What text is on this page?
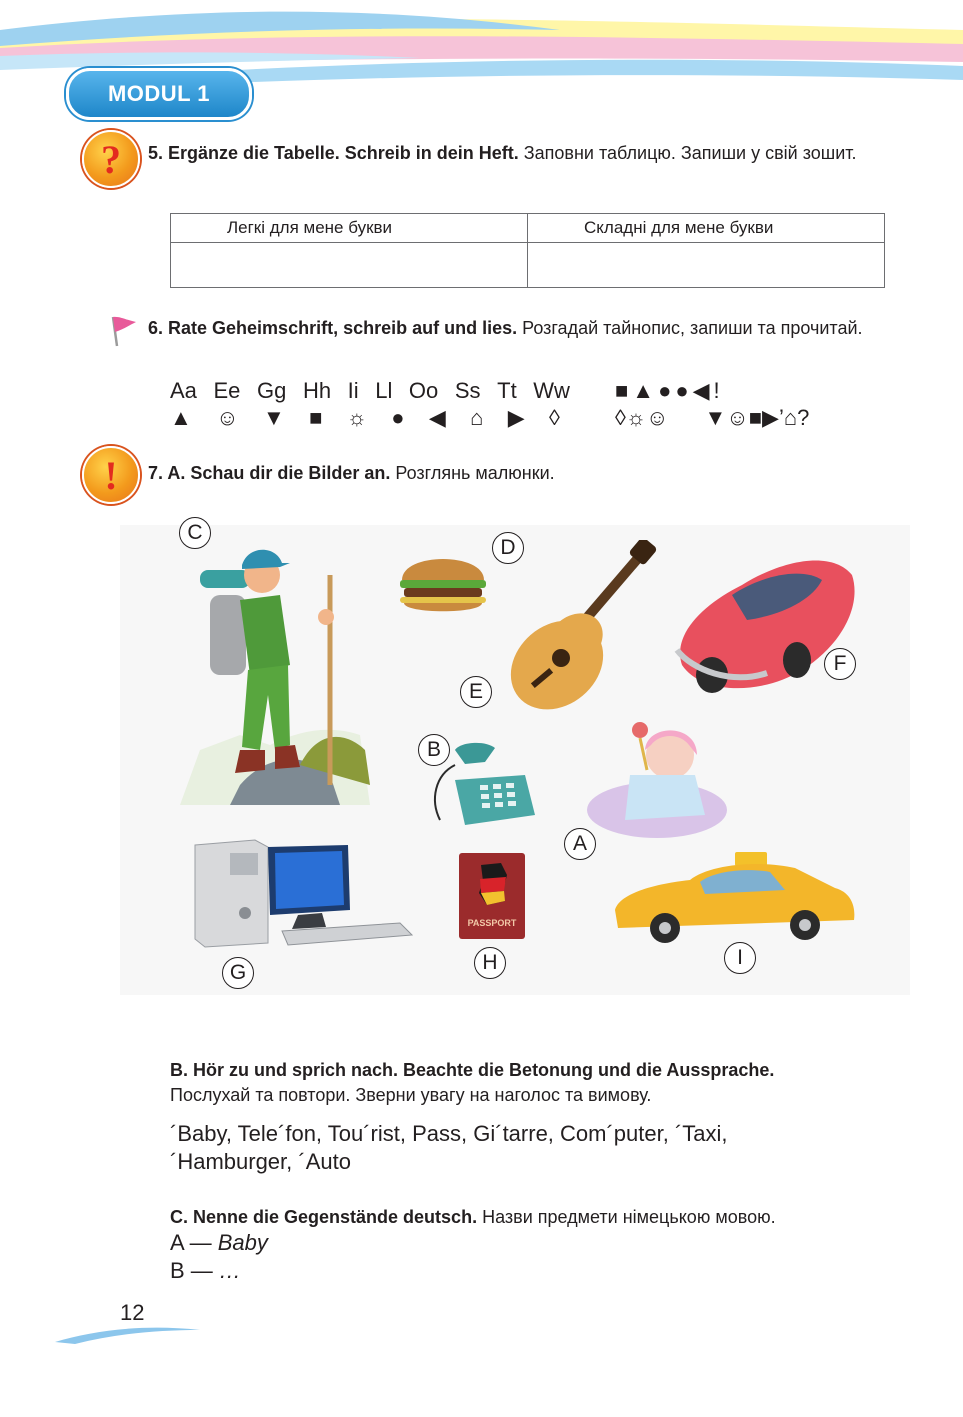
MODUL 1
?	5. Ergänze die Tabelle. Schreib in dein Heft. Заповни таблицю. Запиши у свій зошит.
Легкі для мене букви	Складні для мене букви

6. Rate Geheimschrift, schreib auf und lies. Розгадай тайнопис, запиши та прочитай.
Aa Ee Gg Hh Ii Ll Oo Ss Tt Ww
▲ ☺ ▼ ■ ☼ ● ◀ ⌂ ▶ ◊
■▲●●◀!
◊☼☺ ▼☺■▶’⌂?
!	7. A. Schau dir die Bilder an. Розглянь малюнки.
PASSPORT
C
D
F
E
B
A
G	H	I
B. Hör zu und sprich nach. Beachte die Betonung und die Aussprache.
Послухай та повтори. Зверни увагу на наголос та вимову.
´Baby, Tele´fon, Tou´rist, Pass, Gi´tarre, Com´puter, ´Taxi,
´Hamburger, ´Auto
C. Nenne die Gegenstände deutsch. Назви предмети німецькою мовою.
A — Baby
B — …
12
